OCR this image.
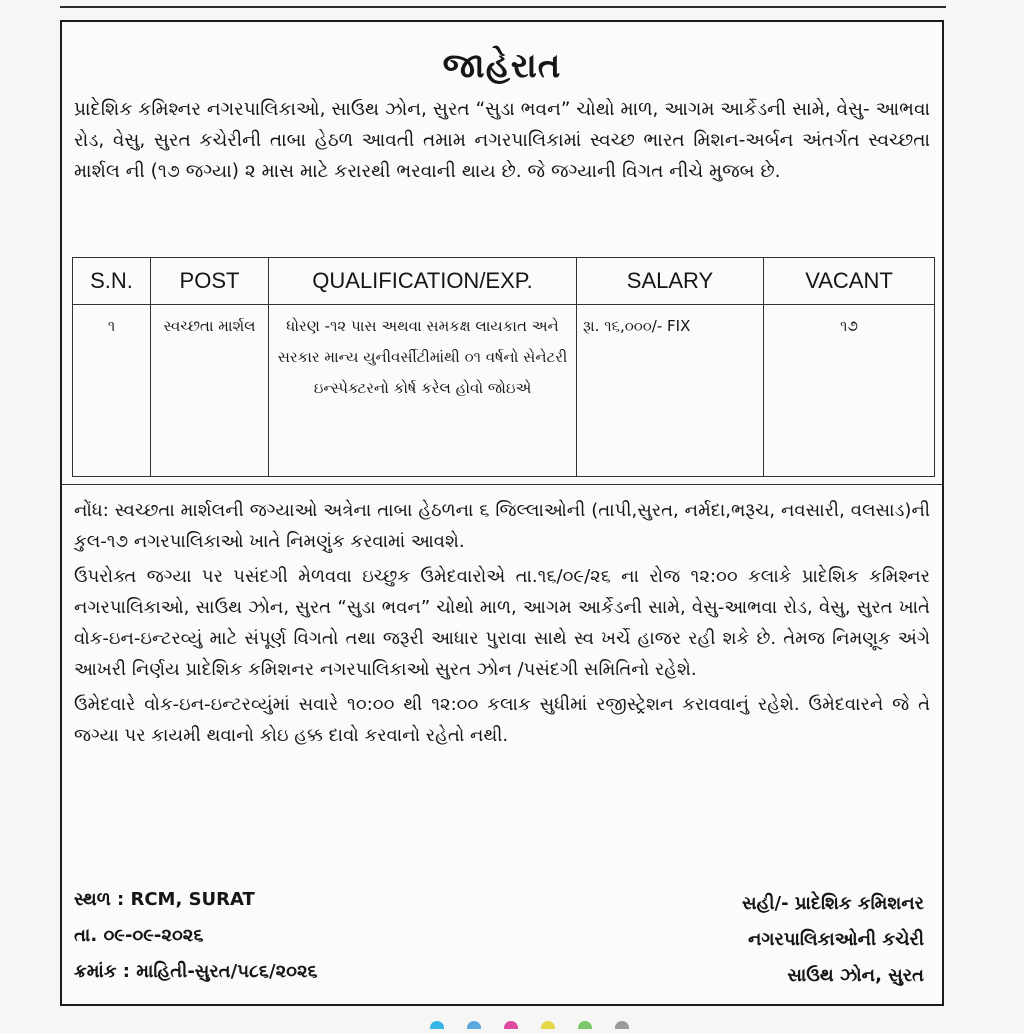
જાહેરાત
પ્રાદેશિક કમિશ્નર નગરપાલિકાઓ, સાઉથ ઝોન, સુરત “સુડા ભવન” ચોથો માળ, આગમ આર્કેડની સામે, વેસુ- આભવા રોડ, વેસુ, સુરત કચેરીની તાબા હેઠળ આવતી તમામ નગરપાલિકામાં સ્વચ્છ ભારત મિશન-અર્બન અંતર્ગત સ્વચ્છતા માર્શલ ની (૧૭ જગ્યા) ૨ માસ માટે કરારથી ભરવાની થાય છે. જે જગ્યાની વિગત નીચે મુજબ છે.
S.N.	POST	QUALIFICATION/EXP.	SALARY	VACANT
૧	સ્વચ્છતા માર્શલ	ધોરણ -૧૨ પાસ અથવા સમકક્ષ લાયકાત અને સરકાર માન્ય યુનીવર્સીટીમાંથી ૦૧ વર્ષનો સેનેટરી ઇન્સ્પેક્ટરનો કોર્ષ કરેલ હોવો જોઇએ	રૂા. ૧૬,૦૦૦/- FIX	૧૭
નોંધ: સ્વચ્છતા માર્શલની જગ્યાઓ અત્રેના તાબા હેઠળના ૬ જિલ્લાઓની (તાપી,સુરત, નર્મદા,ભરૂચ, નવસારી, વલસાડ)ની કુલ-૧૭ નગરપાલિકાઓ ખાતે નિમણુંક કરવામાં આવશે.
ઉપરોક્ત જગ્યા પર પસંદગી મેળવવા ઇચ્છુક ઉમેદવારોએ તા.૧૬/૦૯/૨૬ ના રોજ ૧૨:૦૦ કલાકે પ્રાદેશિક કમિશ્નર નગરપાલિકાઓ, સાઉથ ઝોન, સુરત “સુડા ભવન” ચોથો માળ, આગમ આર્કેડની સામે, વેસુ-આભવા રોડ, વેસુ, સુરત ખાતે વોક-ઇન-ઇન્ટરવ્યું માટે સંપૂર્ણ વિગતો તથા જરૂરી આધાર પુરાવા સાથે સ્વ ખર્ચે હાજર રહી શકે છે. તેમજ નિમણૂક અંગે આખરી નિર્ણય પ્રાદેશિક કમિશનર નગરપાલિકાઓ સુરત ઝોન /પસંદગી સમિતિનો રહેશે.
ઉમેદવારે વોક-ઇન-ઇન્ટરવ્યુંમાં સવારે ૧૦:૦૦ થી ૧૨:૦૦ કલાક સુધીમાં રજીસ્ટ્રેશન કરાવવાનું રહેશે. ઉમેદવારને જે તે જગ્યા પર કાયમી થવાનો કોઇ હક્ક દાવો કરવાનો રહેતો નથી.
સ્થળ : RCM, SURAT
તા. ૦૯-૦૯-૨૦૨૬
ક્રમાંક : માહિતી-સુરત/૫૮૬/૨૦૨૬
સહી/- પ્રાદેશિક કમિશનર
નગરપાલિકાઓની કચેરી
સાઉથ ઝોન, સુરત
